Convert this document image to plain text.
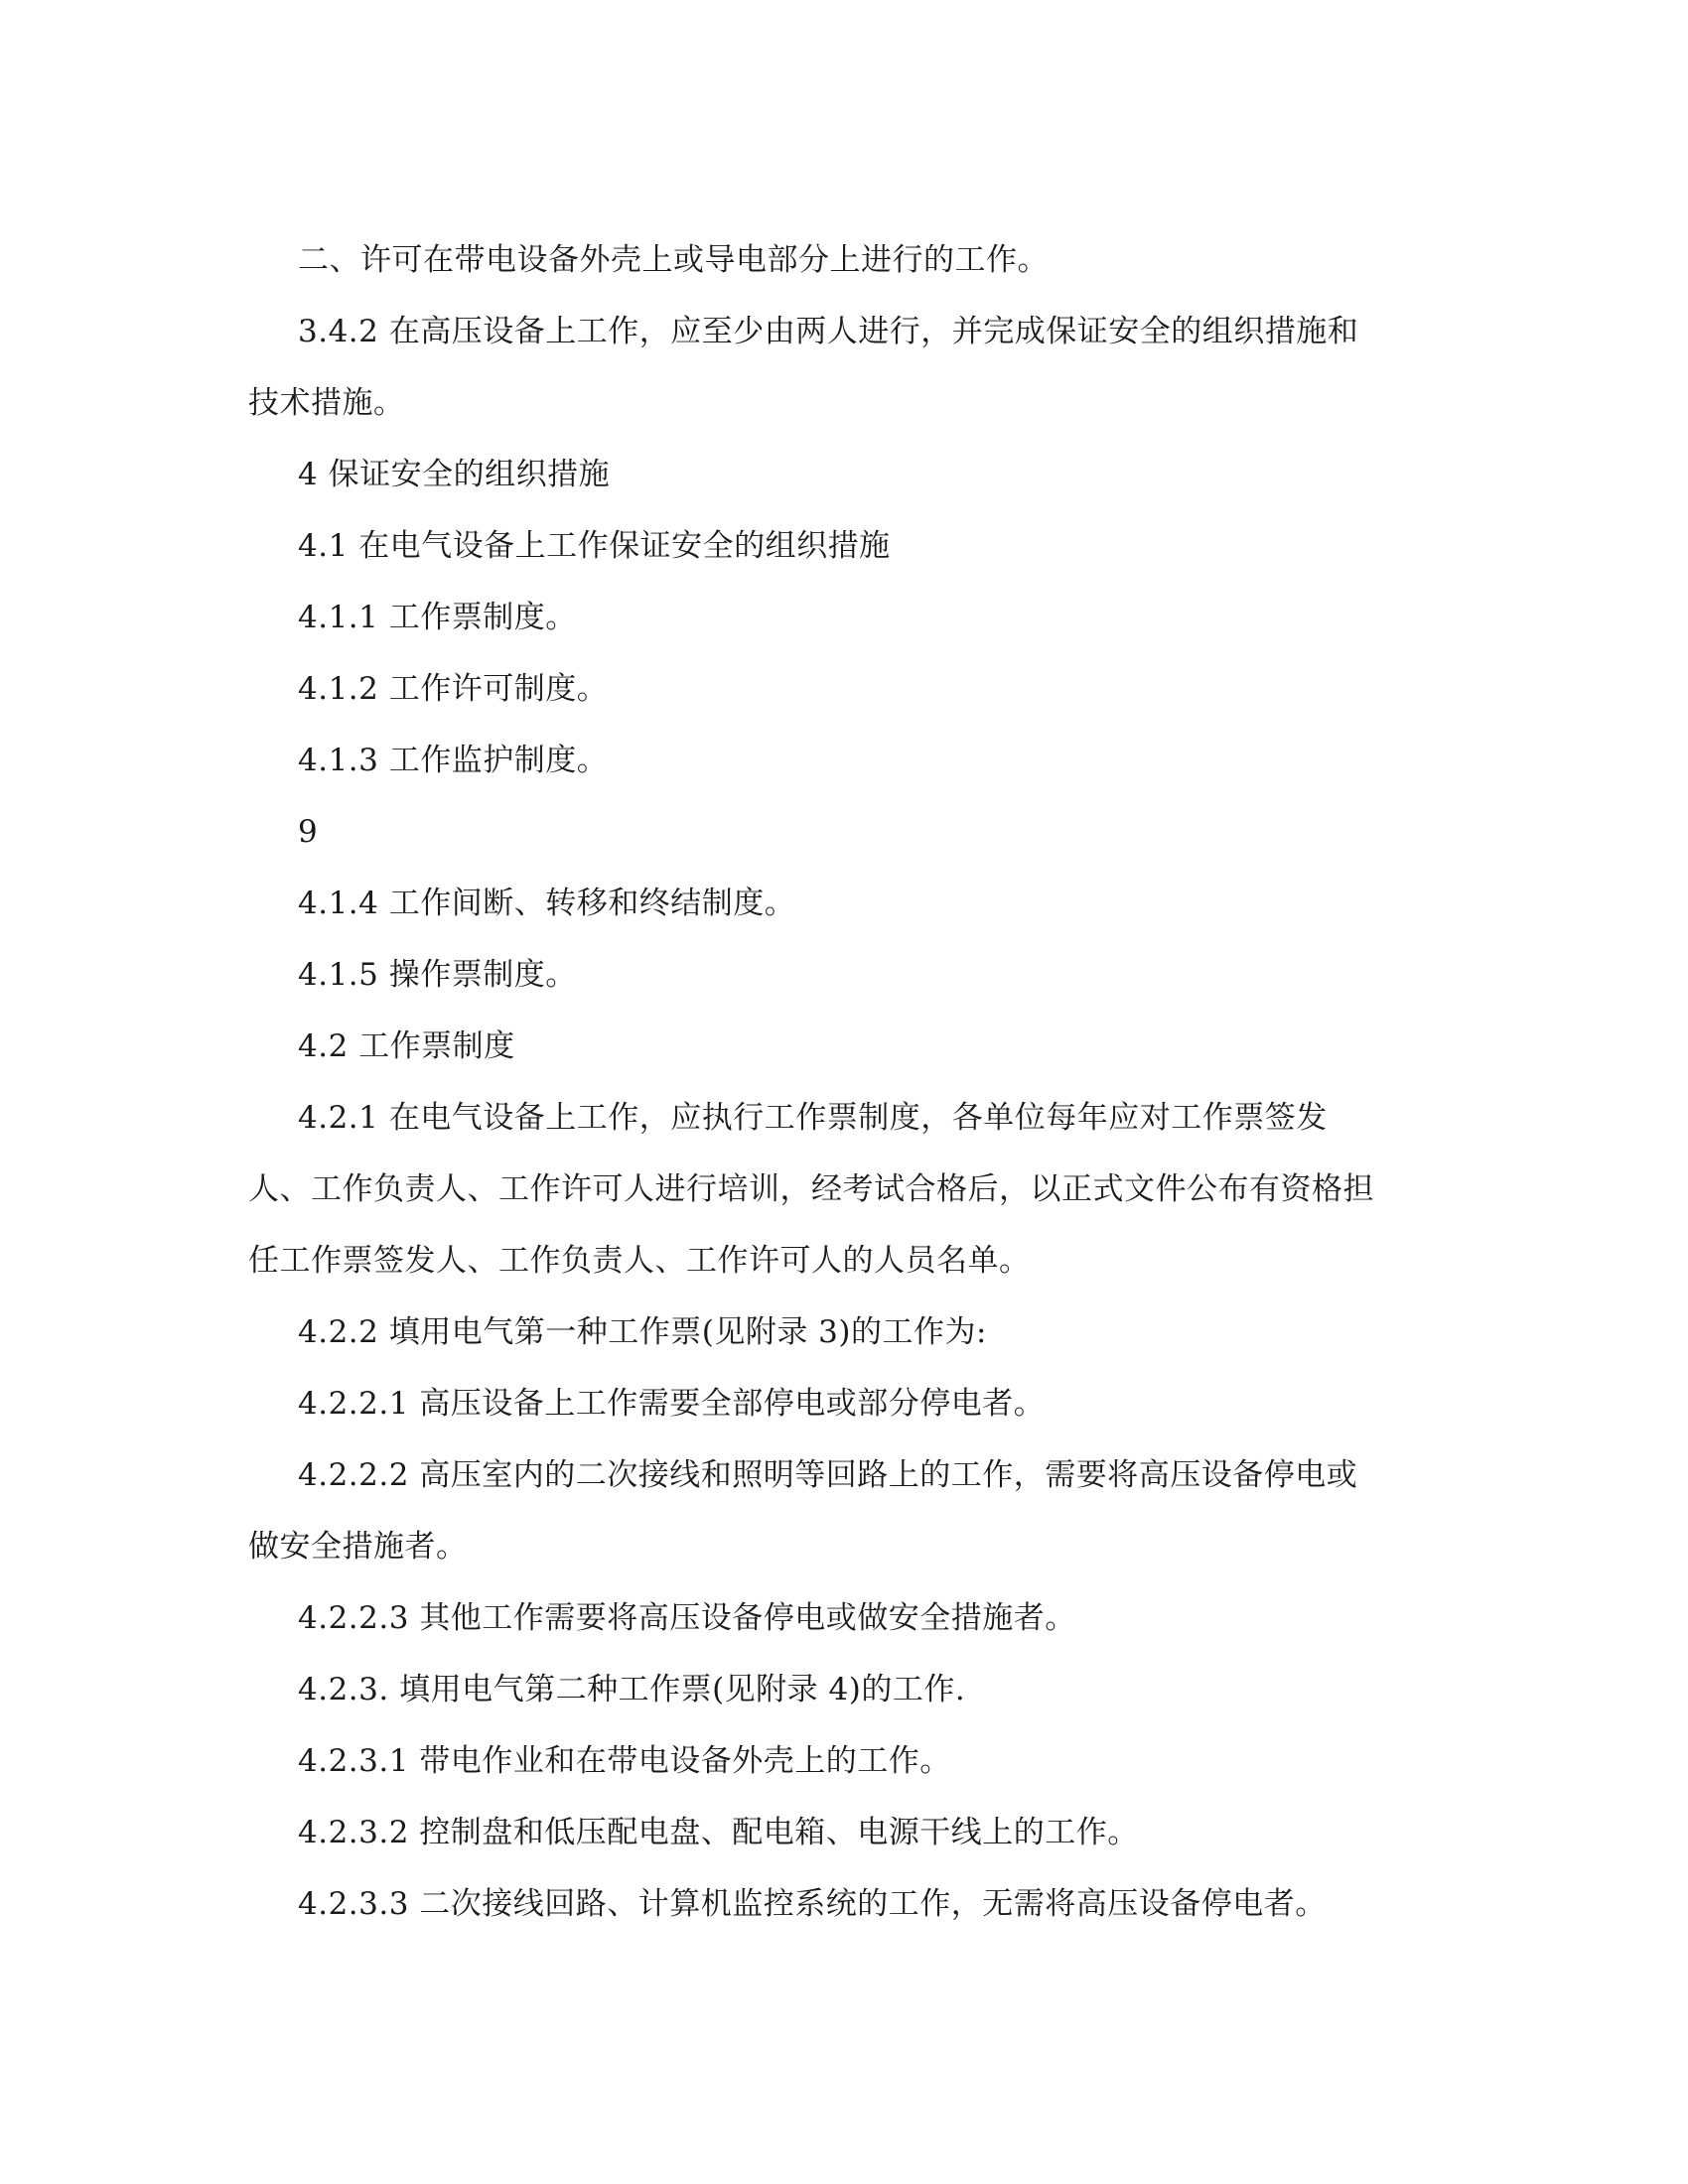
二、许可在带电设备外壳上或导电部分上进行的工作。
3.4.2 在高压设备上工作，应至少由两人进行，并完成保证安全的组织措施和
技术措施。
4 保证安全的组织措施
4.1 在电气设备上工作保证安全的组织措施
4.1.1 工作票制度。
4.1.2 工作许可制度。
4.1.3 工作监护制度。
9
4.1.4 工作间断、转移和终结制度。
4.1.5 操作票制度。
4.2 工作票制度
4.2.1 在电气设备上工作，应执行工作票制度，各单位每年应对工作票签发
人、工作负责人、工作许可人进行培训，经考试合格后，以正式文件公布有资格担
任工作票签发人、工作负责人、工作许可人的人员名单。
4.2.2 填用电气第一种工作票(见附录 3)的工作为:
4.2.2.1 高压设备上工作需要全部停电或部分停电者。
4.2.2.2 高压室内的二次接线和照明等回路上的工作，需要将高压设备停电或
做安全措施者。
4.2.2.3 其他工作需要将高压设备停电或做安全措施者。
4.2.3. 填用电气第二种工作票(见附录 4)的工作.
4.2.3.1 带电作业和在带电设备外壳上的工作。
4.2.3.2 控制盘和低压配电盘、配电箱、电源干线上的工作。
4.2.3.3 二次接线回路、计算机监控系统的工作，无需将高压设备停电者。
